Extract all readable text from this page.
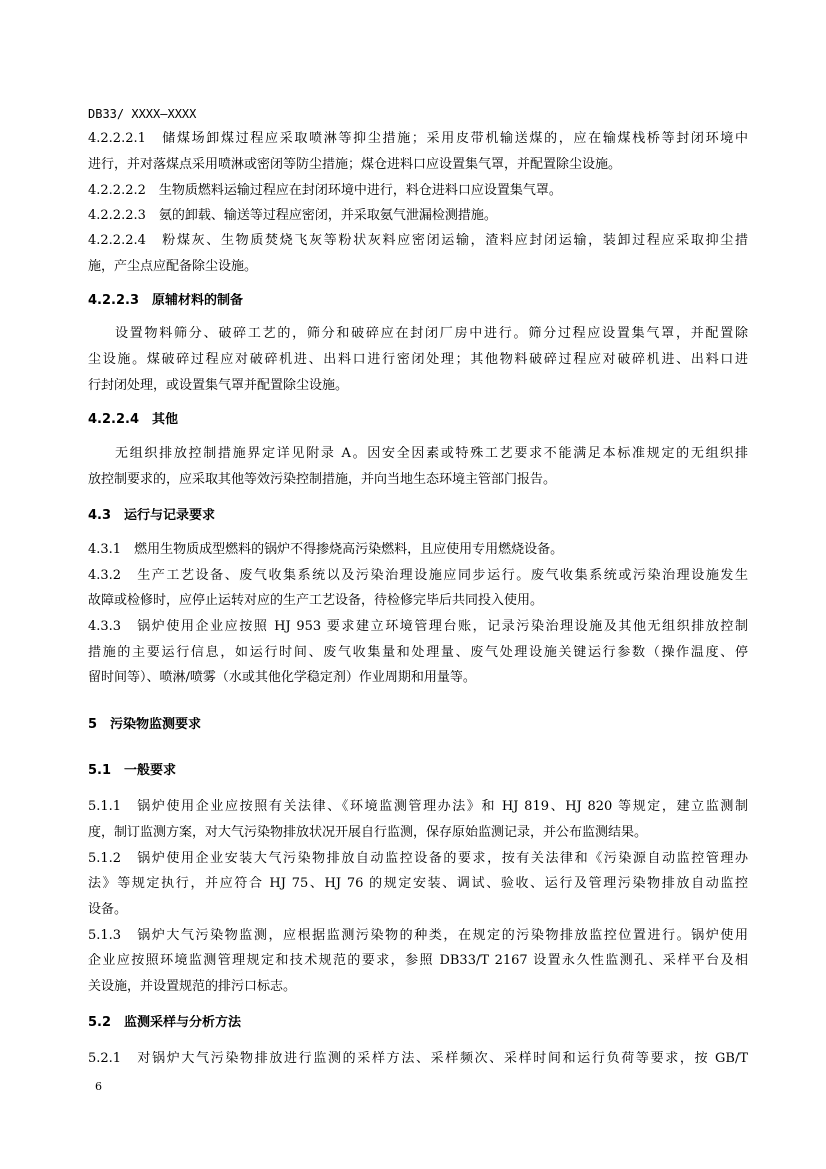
DB33/ XXXX—XXXX
4.2.2.2.1　储煤场卸煤过程应采取喷淋等抑尘措施；采用皮带机输送煤的，应在输煤栈桥等封闭环境中
进行，并对落煤点采用喷淋或密闭等防尘措施；煤仓进料口应设置集气罩，并配置除尘设施。
4.2.2.2.2　生物质燃料运输过程应在封闭环境中进行，料仓进料口应设置集气罩。
4.2.2.2.3　氨的卸载、输送等过程应密闭，并采取氨气泄漏检测措施。
4.2.2.2.4　粉煤灰、生物质焚烧飞灰等粉状灰料应密闭运输，渣料应封闭运输，装卸过程应采取抑尘措
施，产尘点应配备除尘设施。
4.2.2.3　原辅材料的制备
设置物料筛分、破碎工艺的，筛分和破碎应在封闭厂房中进行。筛分过程应设置集气罩，并配置除
尘设施。煤破碎过程应对破碎机进、出料口进行密闭处理；其他物料破碎过程应对破碎机进、出料口进
行封闭处理，或设置集气罩并配置除尘设施。
4.2.2.4　其他
无组织排放控制措施界定详见附录 A。因安全因素或特殊工艺要求不能满足本标准规定的无组织排
放控制要求的，应采取其他等效污染控制措施，并向当地生态环境主管部门报告。
4.3　运行与记录要求
4.3.1　燃用生物质成型燃料的锅炉不得掺烧高污染燃料，且应使用专用燃烧设备。
4.3.2　生产工艺设备、废气收集系统以及污染治理设施应同步运行。废气收集系统或污染治理设施发生
故障或检修时，应停止运转对应的生产工艺设备，待检修完毕后共同投入使用。
4.3.3　锅炉使用企业应按照 HJ 953 要求建立环境管理台账，记录污染治理设施及其他无组织排放控制
措施的主要运行信息，如运行时间、废气收集量和处理量、废气处理设施关键运行参数（操作温度、停
留时间等）、喷淋/喷雾（水或其他化学稳定剂）作业周期和用量等。
5　污染物监测要求
5.1　一般要求
5.1.1　锅炉使用企业应按照有关法律、《环境监测管理办法》和 HJ 819、HJ 820 等规定，建立监测制
度，制订监测方案，对大气污染物排放状况开展自行监测，保存原始监测记录，并公布监测结果。
5.1.2　锅炉使用企业安装大气污染物排放自动监控设备的要求，按有关法律和《污染源自动监控管理办
法》等规定执行，并应符合 HJ 75、HJ 76 的规定安装、调试、验收、运行及管理污染物排放自动监控
设备。
5.1.3　锅炉大气污染物监测，应根据监测污染物的种类，在规定的污染物排放监控位置进行。锅炉使用
企业应按照环境监测管理规定和技术规范的要求，参照 DB33/T 2167 设置永久性监测孔、采样平台及相
关设施，并设置规范的排污口标志。
5.2　监测采样与分析方法
5.2.1　对锅炉大气污染物排放进行监测的采样方法、采样频次、采样时间和运行负荷等要求，按 GB/T
6
